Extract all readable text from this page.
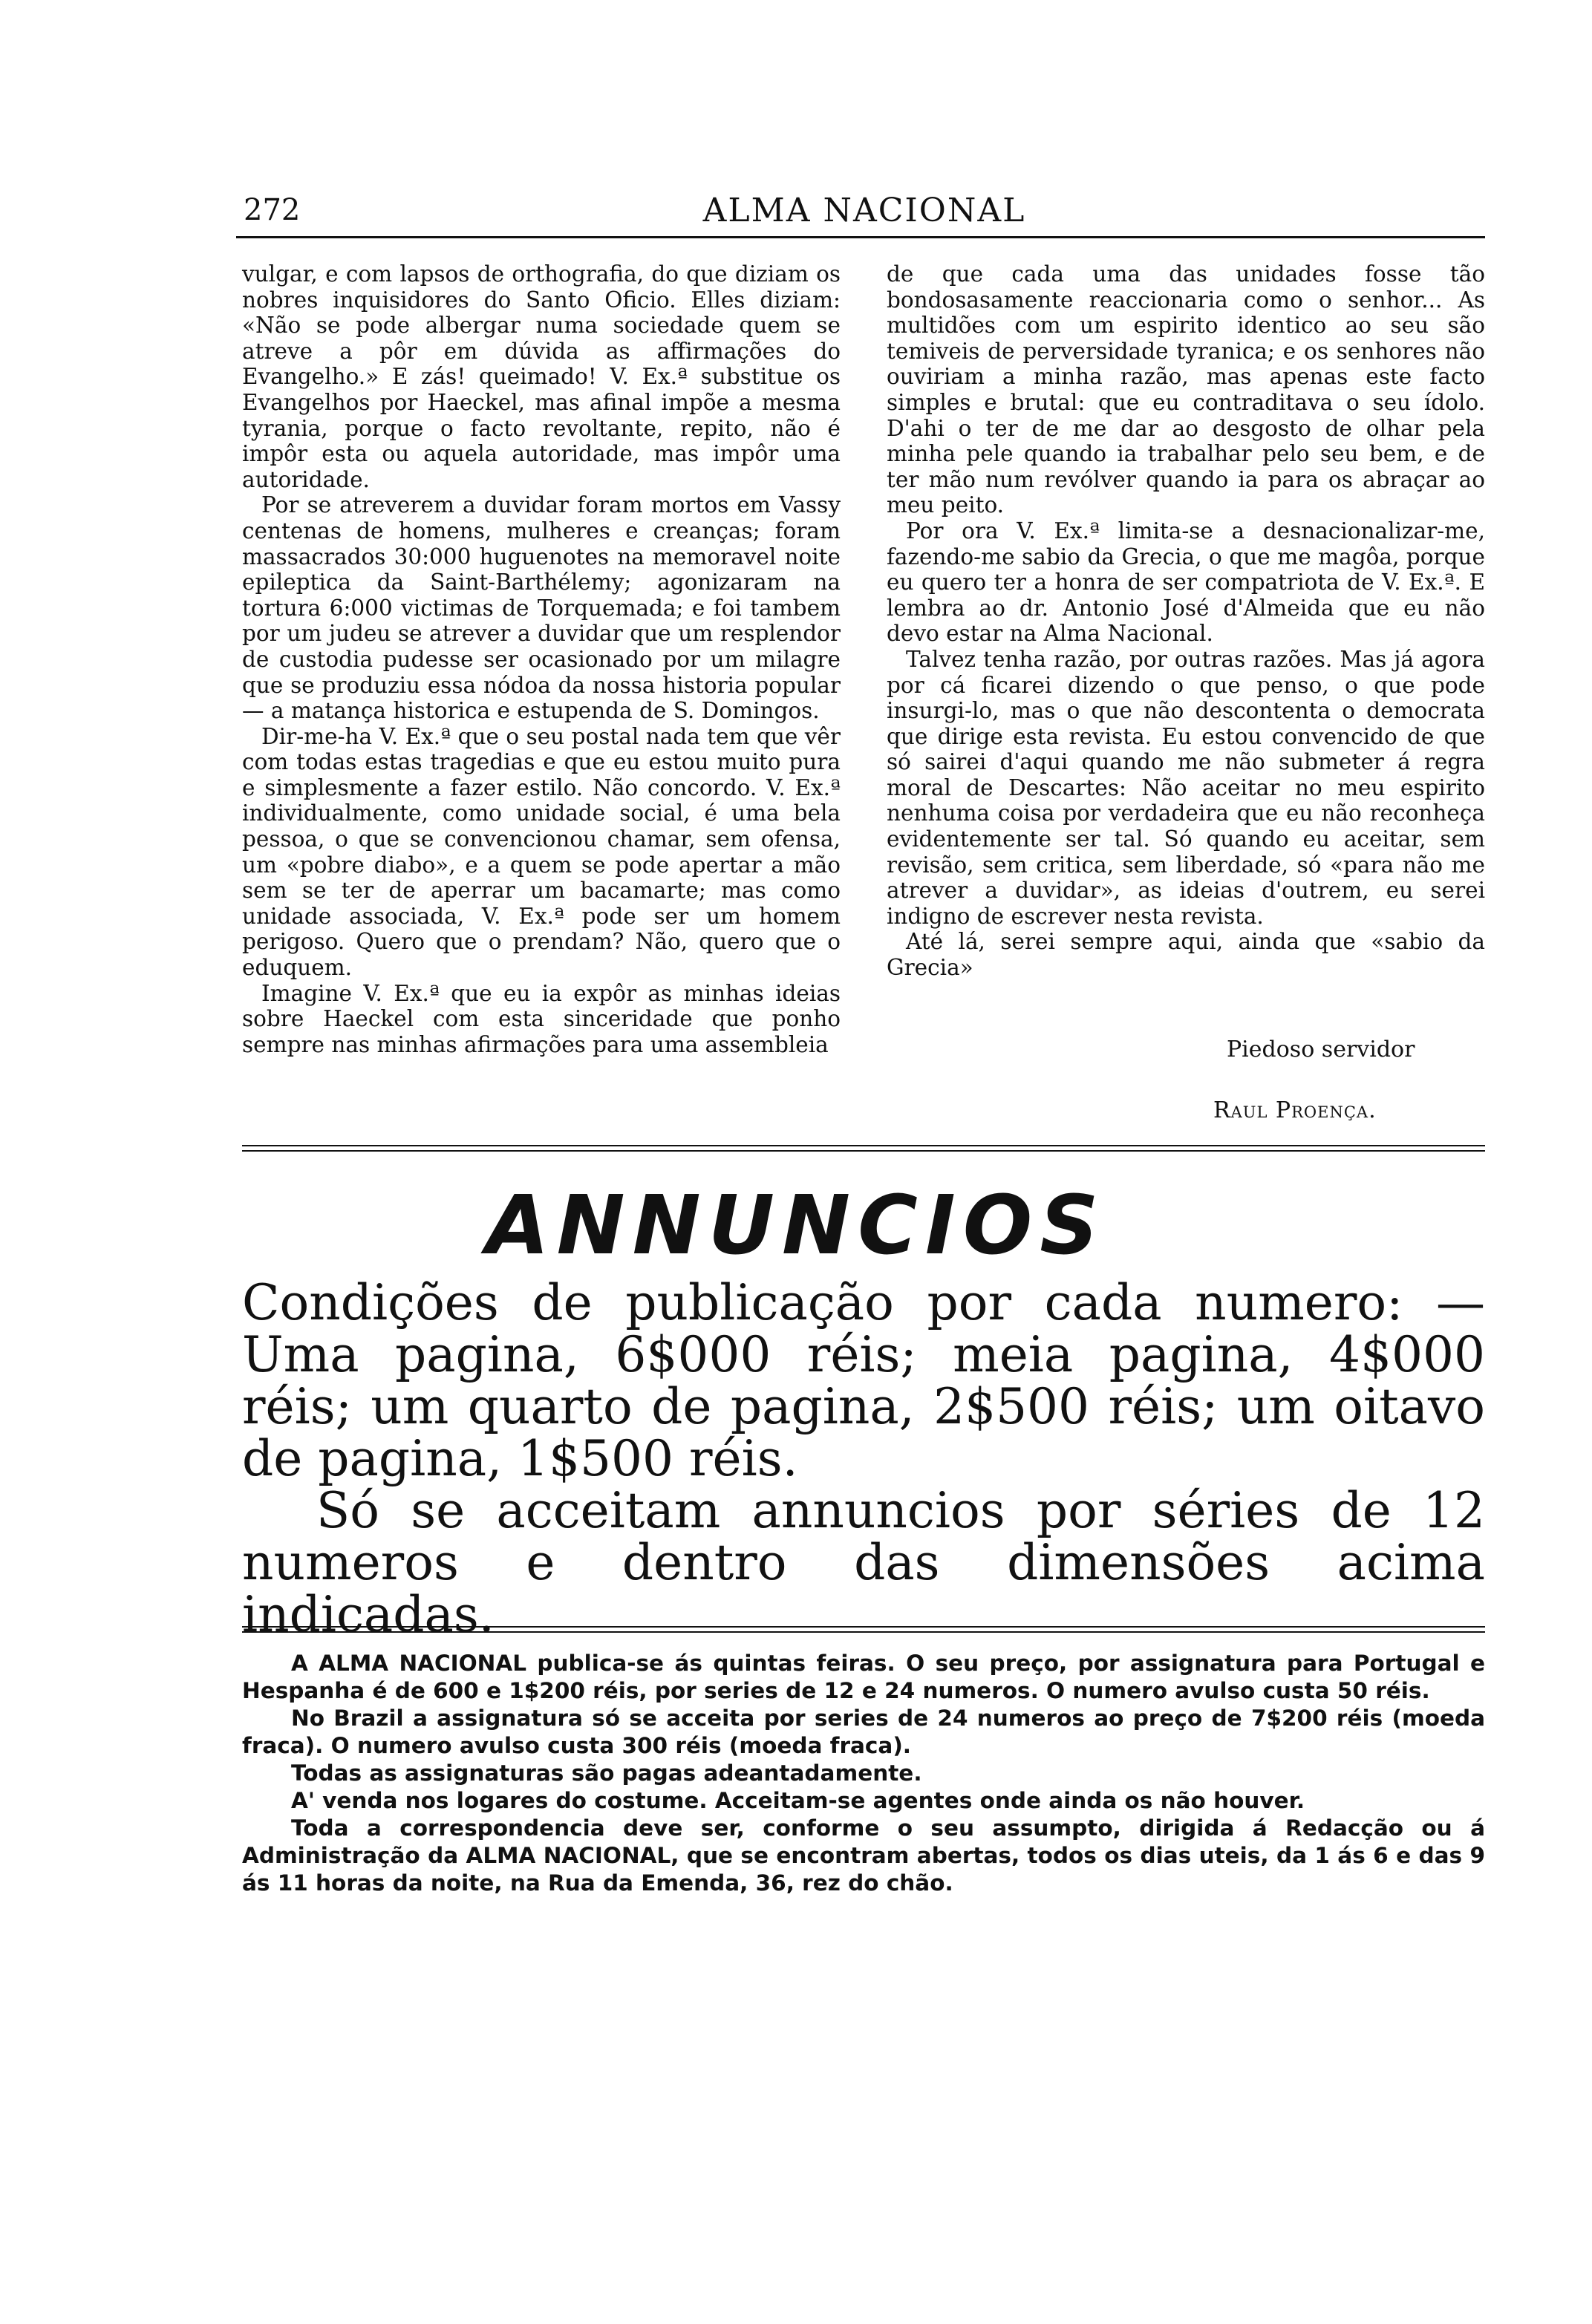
272	ALMA NACIONAL

vulgar, e com lapsos de orthografia, do que diziam os nobres inquisidores do Santo Oficio. Elles diziam: «Não se pode albergar numa sociedade quem se atreve a pôr em dúvida as affirmações do Evangelho.» E zás! queimado! V. Ex.ª substitue os Evangelhos por Haeckel, mas afinal impõe a mesma tyrania, porque o facto revoltante, repito, não é impôr esta ou aquela autoridade, mas impôr uma autoridade.

Por se atreverem a duvidar foram mortos em Vassy centenas de homens, mulheres e creanças; foram massacrados 30:000 huguenotes na memoravel noite epileptica da Saint-Barthélemy; agonizaram na tortura 6:000 victimas de Torquemada; e foi tambem por um judeu se atrever a duvidar que um resplendor de custodia pudesse ser ocasionado por um milagre que se produziu essa nódoa da nossa historia popular — a matança historica e estupenda de S. Domingos.

Dir-me-ha V. Ex.ª que o seu postal nada tem que vêr com todas estas tragedias e que eu estou muito pura e simplesmente a fazer estilo. Não concordo. V. Ex.ª individualmente, como unidade social, é uma bela pessoa, o que se convencionou chamar, sem ofensa, um «pobre diabo», e a quem se pode apertar a mão sem se ter de aperrar um bacamarte; mas como unidade associada, V. Ex.ª pode ser um homem perigoso. Quero que o prendam? Não, quero que o eduquem.

Imagine V. Ex.ª que eu ia expôr as minhas ideias sobre Haeckel com esta sinceridade que ponho sempre nas minhas afirmações para uma assembleia

de que cada uma das unidades fosse tão bondosasamente reaccionaria como o senhor... As multidões com um espirito identico ao seu são temiveis de perversidade tyranica; e os senhores não ouviriam a minha razão, mas apenas este facto simples e brutal: que eu contraditava o seu ídolo. D'ahi o ter de me dar ao desgosto de olhar pela minha pele quando ia trabalhar pelo seu bem, e de ter mão num revólver quando ia para os abraçar ao meu peito.

Por ora V. Ex.ª limita-se a desnacionalizar-me, fazendo-me sabio da Grecia, o que me magôa, porque eu quero ter a honra de ser compatriota de V. Ex.ª. E lembra ao dr. Antonio José d'Almeida que eu não devo estar na Alma Nacional.

Talvez tenha razão, por outras razões. Mas já agora por cá ficarei dizendo o que penso, o que pode insurgi-lo, mas o que não descontenta o democrata que dirige esta revista. Eu estou convencido de que só sairei d'aqui quando me não submeter á regra moral de Descartes: Não aceitar no meu espirito nenhuma coisa por verdadeira que eu não reconheça evidentemente ser tal. Só quando eu aceitar, sem revisão, sem critica, sem liberdade, só «para não me atrever a duvidar», as ideias d'outrem, eu serei indigno de escrever nesta revista.

Até lá, serei sempre aqui, ainda que «sabio da Grecia»

Piedoso servidor
Raul Proença.
ANNUNCIOS

Condições de publicação por cada numero: —Uma pagina, 6$000 réis; meia pagina, 4$000 réis; um quarto de pagina, 2$500 réis; um oitavo de pagina, 1$500 réis.

Só se acceitam annuncios por séries de 12 numeros e dentro das dimensões acima indicadas.

A ALMA NACIONAL publica-se ás quintas feiras. O seu preço, por assignatura para Portugal e Hespanha é de 600 e 1$200 réis, por series de 12 e 24 numeros. O numero avulso custa 50 réis.

No Brazil a assignatura só se acceita por series de 24 numeros ao preço de 7$200 réis (moeda fraca). O numero avulso custa 300 réis (moeda fraca).

Todas as assignaturas são pagas adeantadamente.

A' venda nos logares do costume. Acceitam-se agentes onde ainda os não houver.

Toda a correspondencia deve ser, conforme o seu assumpto, dirigida á Redacção ou á Administração da ALMA NACIONAL, que se encontram abertas, todos os dias uteis, da 1 ás 6 e das 9 ás 11 horas da noite, na Rua da Emenda, 36, rez do chão.
